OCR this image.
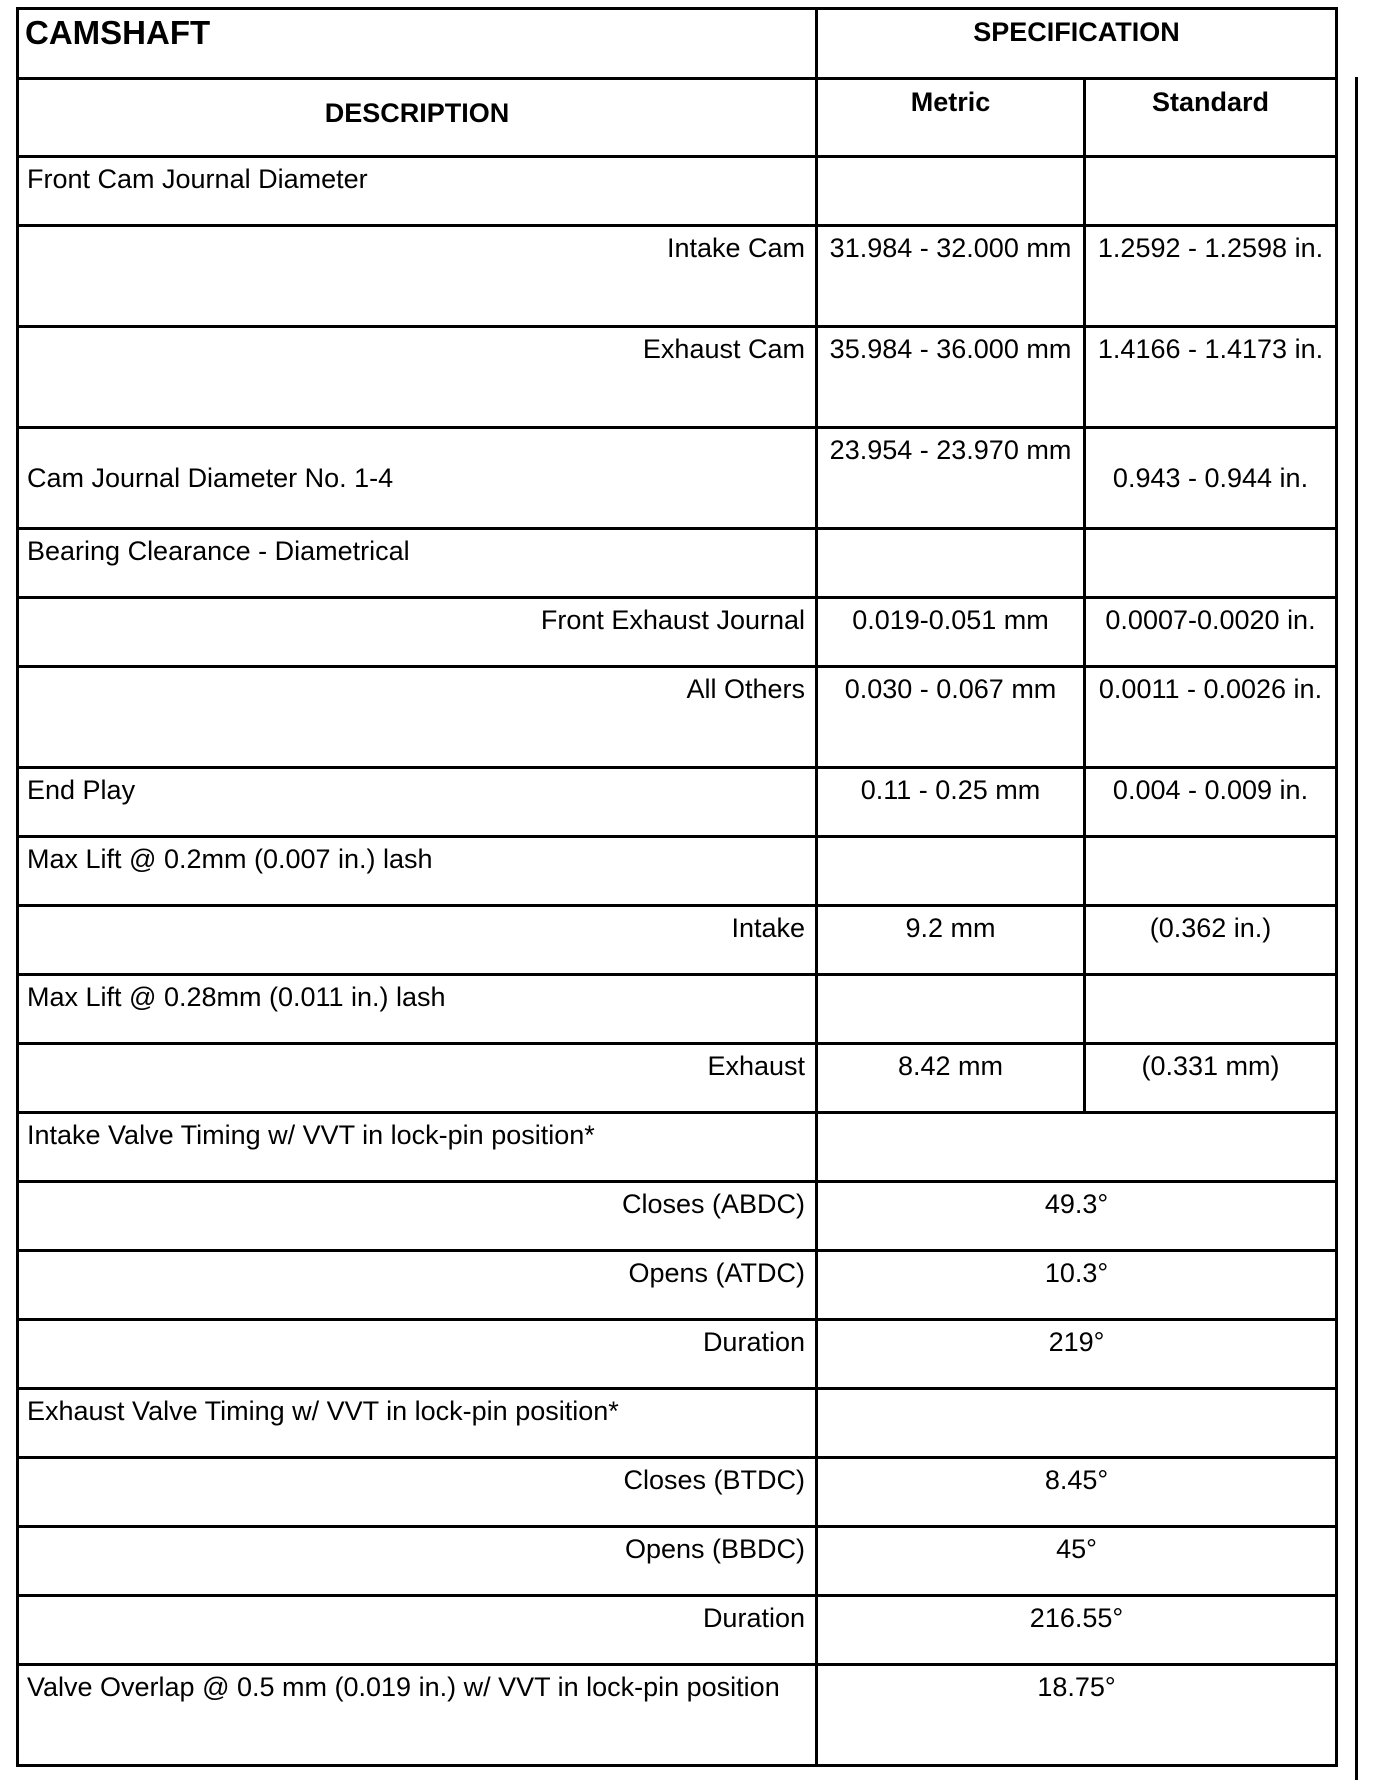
CAMSHAFT	SPECIFICATION	
DESCRIPTION	Metric	Standard
Front Cam Journal Diameter		
Intake Cam	31.984 - 32.000 mm	1.2592 - 1.2598 in.
Exhaust Cam	35.984 - 36.000 mm	1.4166 - 1.4173 in.
Cam Journal Diameter No. 1-4	23.954 - 23.970 mm	0.943 - 0.944 in.
Bearing Clearance - Diametrical		
Front Exhaust Journal	0.019-0.051 mm	0.0007-0.0020 in.
All Others	0.030 - 0.067 mm	0.0011 - 0.0026 in.
End Play	0.11 - 0.25 mm	0.004 - 0.009 in.
Max Lift @ 0.2mm (0.007 in.) lash		
Intake	9.2 mm	(0.362 in.)
Max Lift @ 0.28mm (0.011 in.) lash		
Exhaust	8.42 mm	(0.331 mm)
Intake Valve Timing w/ VVT in lock-pin position*		
Closes (ABDC)	49.3°	
Opens (ATDC)	10.3°	
Duration	219°	
Exhaust Valve Timing w/ VVT in lock-pin position*		
Closes (BTDC)	8.45°	
Opens (BBDC)	45°	
Duration	216.55°	
Valve Overlap @ 0.5 mm (0.019 in.) w/ VVT in lock-pin position	18.75°	
